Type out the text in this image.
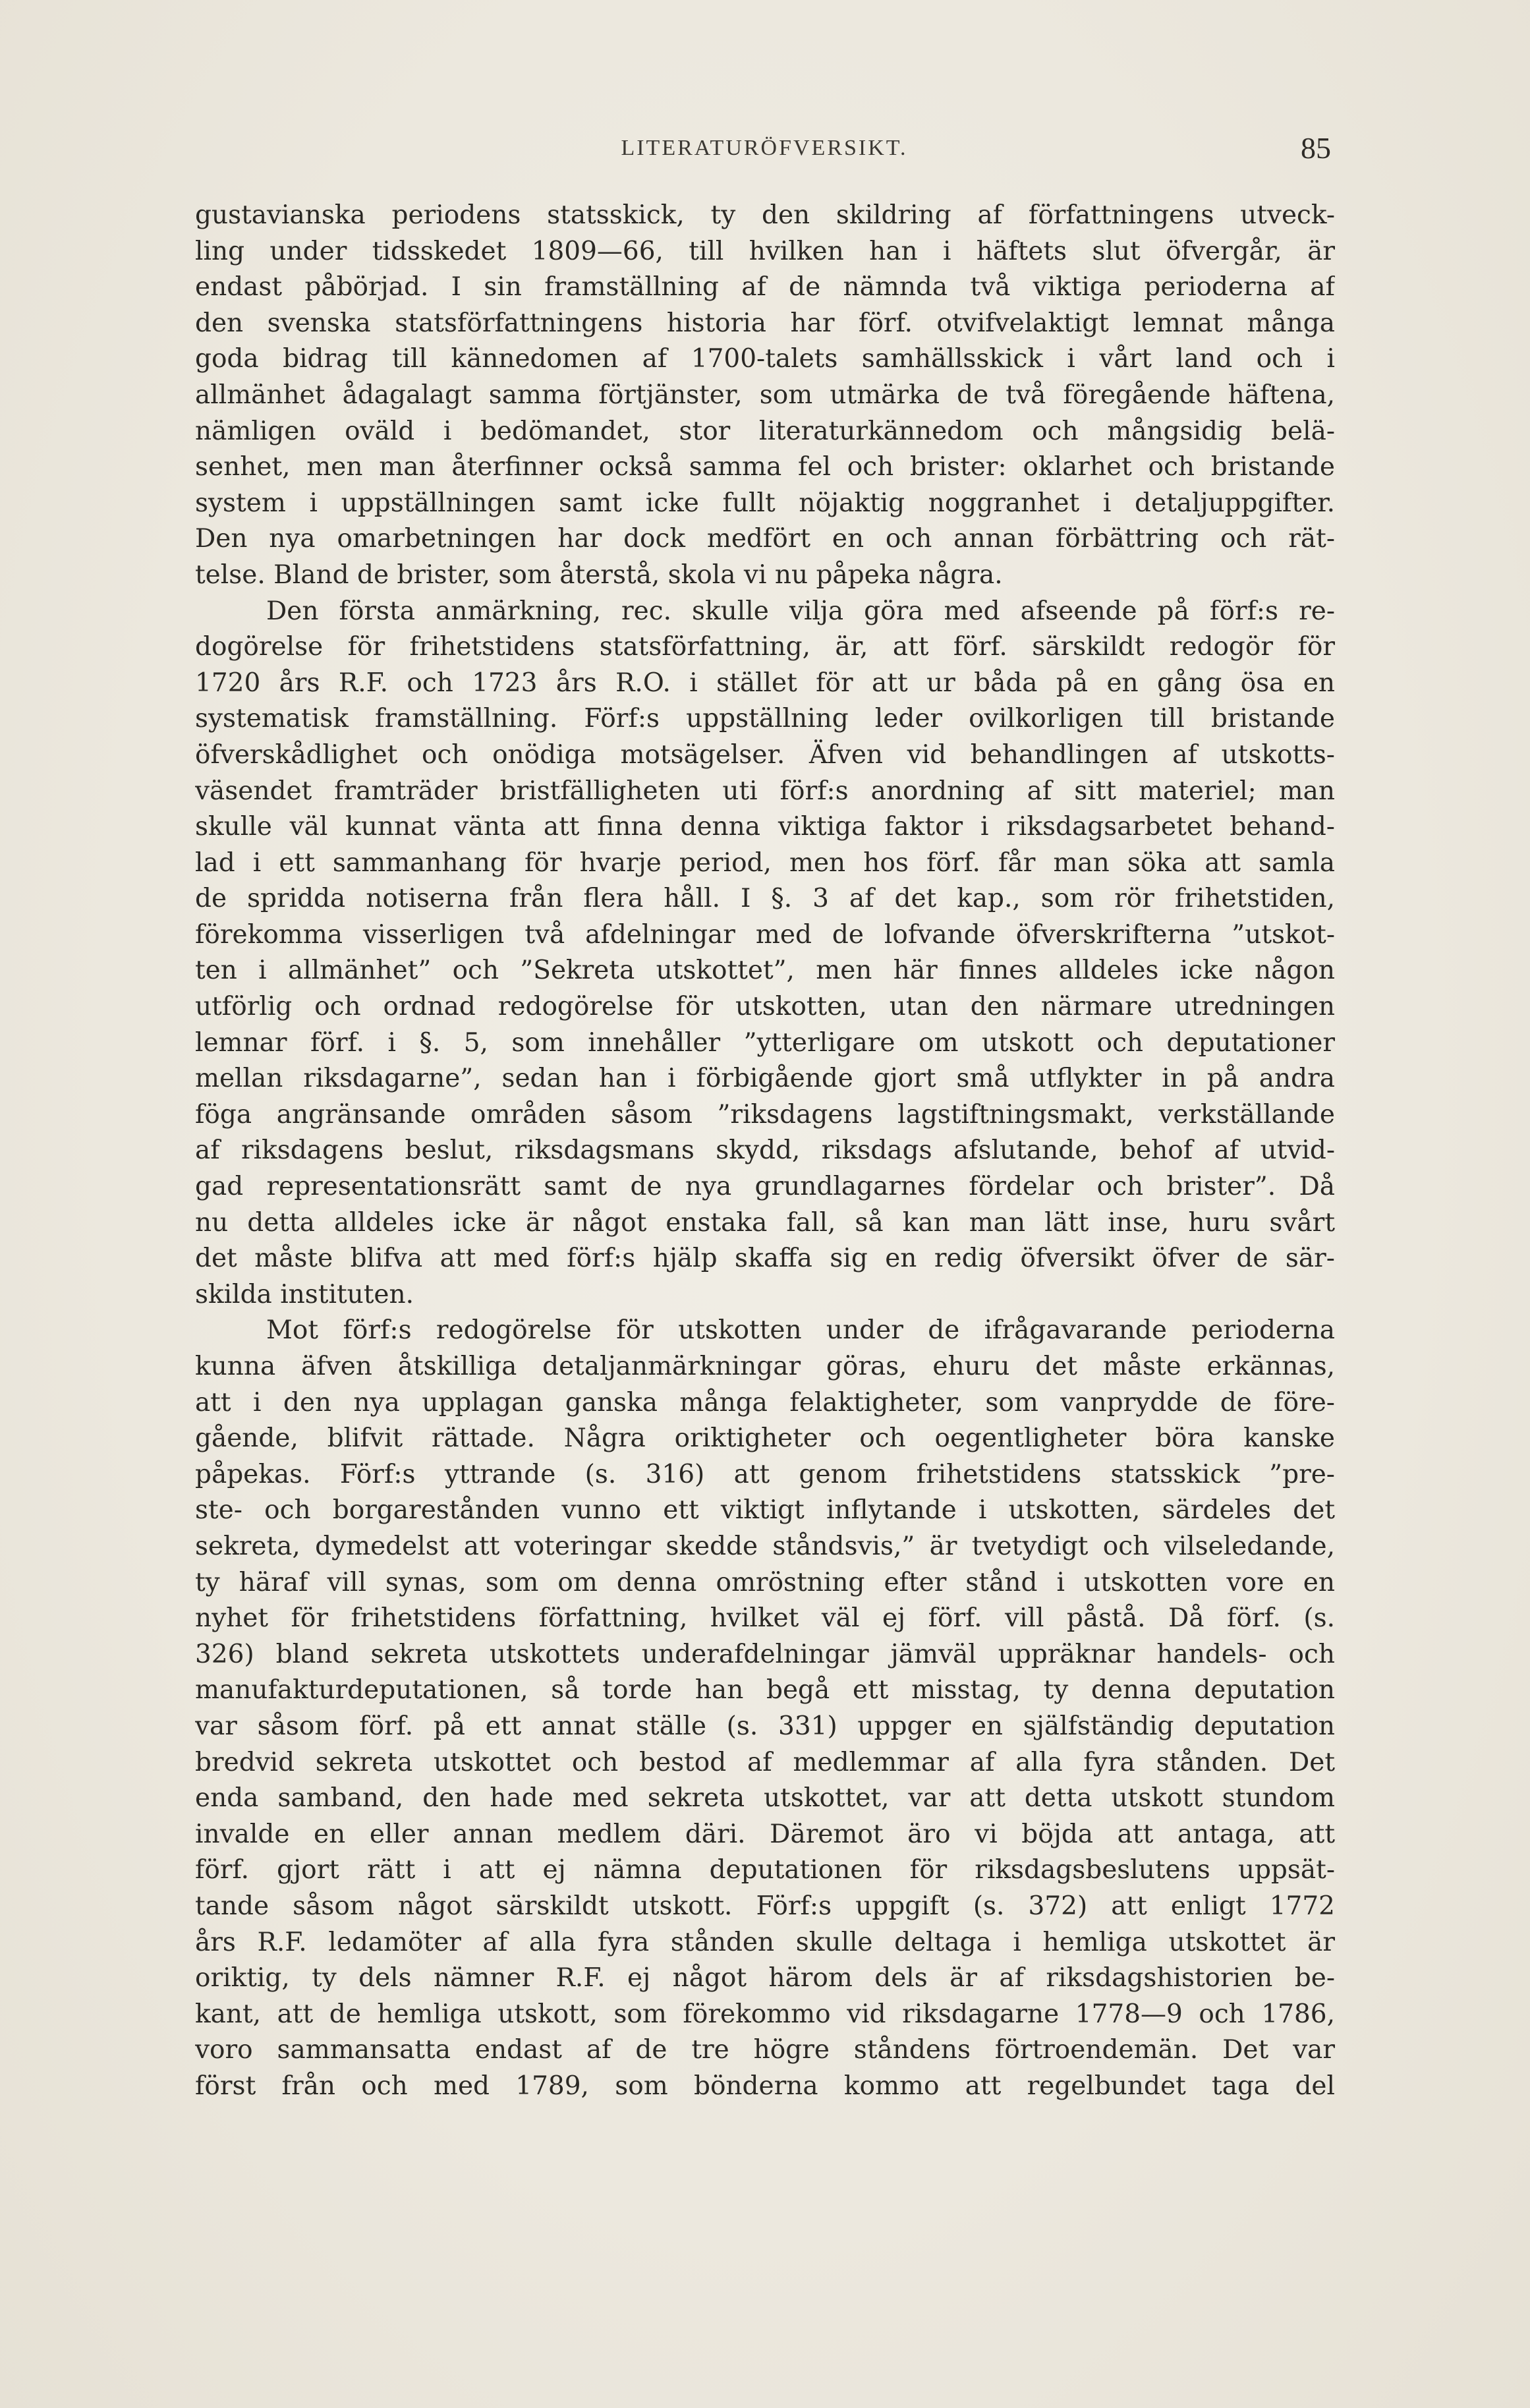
LITERATURÖFVERSIKT.	85
gustavianska periodens statsskick, ty den skildring af författningens utveck-
ling under tidsskedet 1809—66, till hvilken han i häftets slut öfvergår, är
endast påbörjad. I sin framställning af de nämnda två viktiga perioderna af
den svenska statsförfattningens historia har förf. otvifvelaktigt lemnat många
goda bidrag till kännedomen af 1700-talets samhällsskick i vårt land och i
allmänhet ådagalagt samma förtjänster, som utmärka de två föregående häftena,
nämligen oväld i bedömandet, stor literaturkännedom och mångsidig belä-
senhet, men man återfinner också samma fel och brister: oklarhet och bristande
system i uppställningen samt icke fullt nöjaktig noggranhet i detaljuppgifter.
Den nya omarbetningen har dock medfört en och annan förbättring och rät-
telse. Bland de brister, som återstå, skola vi nu påpeka några.
Den första anmärkning, rec. skulle vilja göra med afseende på förf:s re-
dogörelse för frihetstidens statsförfattning, är, att förf. särskildt redogör för
1720 års R.F. och 1723 års R.O. i stället för att ur båda på en gång ösa en
systematisk framställning. Förf:s uppställning leder ovilkorligen till bristande
öfverskådlighet och onödiga motsägelser. Äfven vid behandlingen af utskotts-
väsendet framträder bristfälligheten uti förf:s anordning af sitt materiel; man
skulle väl kunnat vänta att finna denna viktiga faktor i riksdagsarbetet behand-
lad i ett sammanhang för hvarje period, men hos förf. får man söka att samla
de spridda notiserna från flera håll. I §. 3 af det kap., som rör frihetstiden,
förekomma visserligen två afdelningar med de lofvande öfverskrifterna ”utskot-
ten i allmänhet” och ”Sekreta utskottet”, men här finnes alldeles icke någon
utförlig och ordnad redogörelse för utskotten, utan den närmare utredningen
lemnar förf. i §. 5, som innehåller ”ytterligare om utskott och deputationer
mellan riksdagarne”, sedan han i förbigående gjort små utflykter in på andra
föga angränsande områden såsom ”riksdagens lagstiftningsmakt, verkställande
af riksdagens beslut, riksdagsmans skydd, riksdags afslutande, behof af utvid-
gad representationsrätt samt de nya grundlagarnes fördelar och brister”. Då
nu detta alldeles icke är något enstaka fall, så kan man lätt inse, huru svårt
det måste blifva att med förf:s hjälp skaffa sig en redig öfversikt öfver de sär-
skilda instituten.
Mot förf:s redogörelse för utskotten under de ifrågavarande perioderna
kunna äfven åtskilliga detaljanmärkningar göras, ehuru det måste erkännas,
att i den nya upplagan ganska många felaktigheter, som vanprydde de före-
gående, blifvit rättade. Några oriktigheter och oegentligheter böra kanske
påpekas. Förf:s yttrande (s. 316) att genom frihetstidens statsskick ”pre-
ste- och borgarestånden vunno ett viktigt inflytande i utskotten, särdeles det
sekreta, dymedelst att voteringar skedde ståndsvis,” är tvetydigt och vilseledande,
ty häraf vill synas, som om denna omröstning efter stånd i utskotten vore en
nyhet för frihetstidens författning, hvilket väl ej förf. vill påstå. Då förf. (s.
326) bland sekreta utskottets underafdelningar jämväl uppräknar handels- och
manufakturdeputationen, så torde han begå ett misstag, ty denna deputation
var såsom förf. på ett annat ställe (s. 331) uppger en själfständig deputation
bredvid sekreta utskottet och bestod af medlemmar af alla fyra stånden. Det
enda samband, den hade med sekreta utskottet, var att detta utskott stundom
invalde en eller annan medlem däri. Däremot äro vi böjda att antaga, att
förf. gjort rätt i att ej nämna deputationen för riksdagsbeslutens uppsät-
tande såsom något särskildt utskott. Förf:s uppgift (s. 372) att enligt 1772
års R.F. ledamöter af alla fyra stånden skulle deltaga i hemliga utskottet är
oriktig, ty dels nämner R.F. ej något härom dels är af riksdagshistorien be-
kant, att de hemliga utskott, som förekommo vid riksdagarne 1778—9 och 1786,
voro sammansatta endast af de tre högre ståndens förtroendemän. Det var
först från och med 1789, som bönderna kommo att regelbundet taga del
